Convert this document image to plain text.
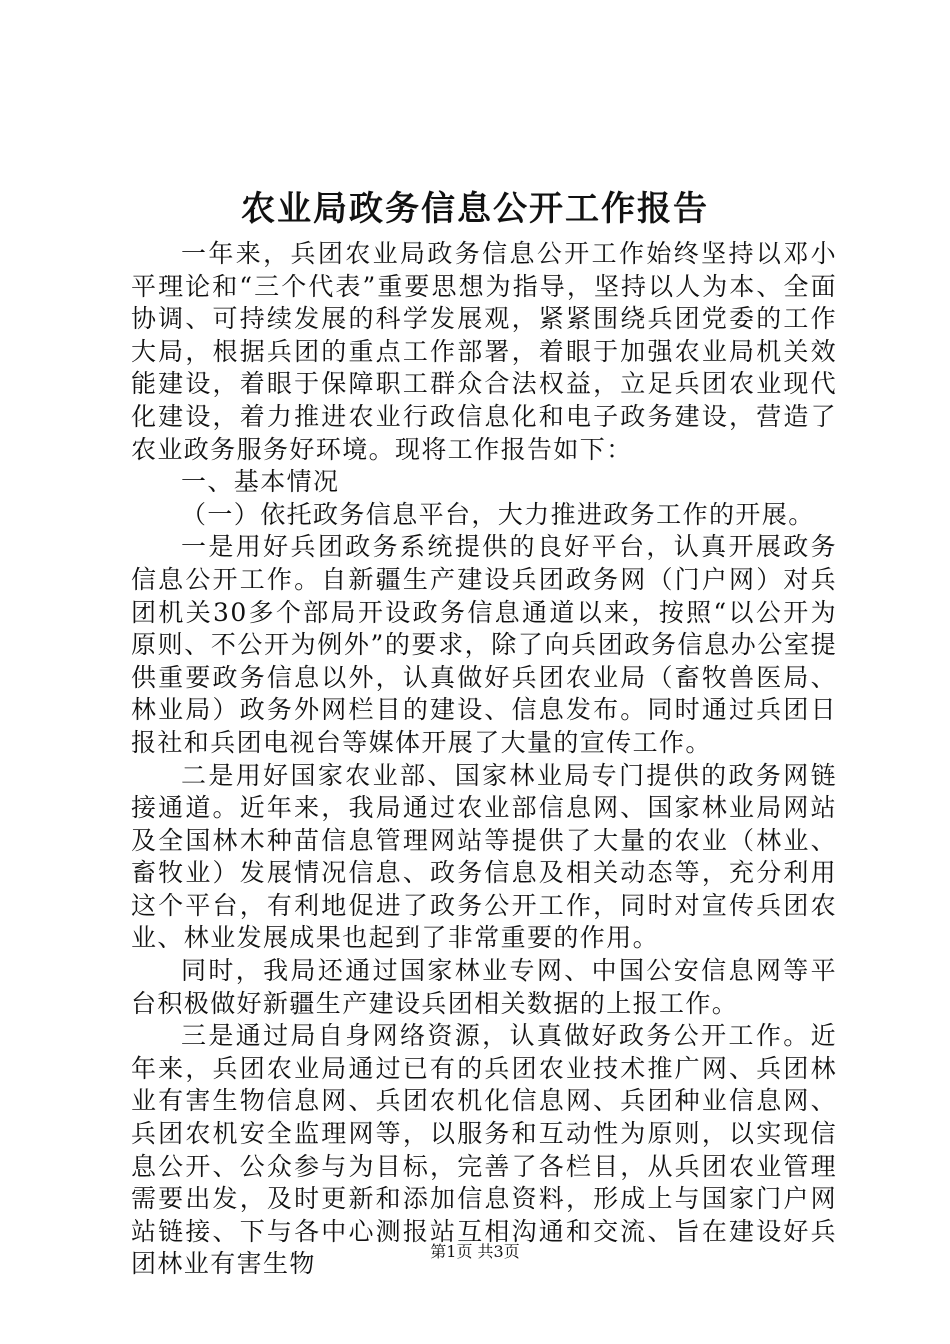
农业局政务信息公开工作报告

一年来，兵团农业局政务信息公开工作始终坚持以邓小平理论和“三个代表”重要思想为指导，坚持以人为本、全面协调、可持续发展的科学发展观，紧紧围绕兵团党委的工作大局，根据兵团的重点工作部署，着眼于加强农业局机关效能建设，着眼于保障职工群众合法权益，立足兵团农业现代化建设，着力推进农业行政信息化和电子政务建设，营造了农业政务服务好环境。现将工作报告如下：

一、基本情况

（一）依托政务信息平台，大力推进政务工作的开展。

一是用好兵团政务系统提供的良好平台，认真开展政务信息公开工作。自新疆生产建设兵团政务网（门户网）对兵团机关30多个部局开设政务信息通道以来，按照“以公开为原则、不公开为例外”的要求，除了向兵团政务信息办公室提供重要政务信息以外，认真做好兵团农业局（畜牧兽医局、林业局）政务外网栏目的建设、信息发布。同时通过兵团日报社和兵团电视台等媒体开展了大量的宣传工作。

二是用好国家农业部、国家林业局专门提供的政务网链接通道。近年来，我局通过农业部信息网、国家林业局网站及全国林木种苗信息管理网站等提供了大量的农业（林业、畜牧业）发展情况信息、政务信息及相关动态等，充分利用这个平台，有利地促进了政务公开工作，同时对宣传兵团农业、林业发展成果也起到了非常重要的作用。

同时，我局还通过国家林业专网、中国公安信息网等平台积极做好新疆生产建设兵团相关数据的上报工作。

三是通过局自身网络资源，认真做好政务公开工作。近年来，兵团农业局通过已有的兵团农业技术推广网、兵团林业有害生物信息网、兵团农机化信息网、兵团种业信息网、兵团农机安全监理网等，以服务和互动性为原则，以实现信息公开、公众参与为目标，完善了各栏目，从兵团农业管理需要出发，及时更新和添加信息资料，形成上与国家门户网站链接、下与各中心测报站互相沟通和交流、旨在建设好兵团林业有害生物	第1页 共3页
